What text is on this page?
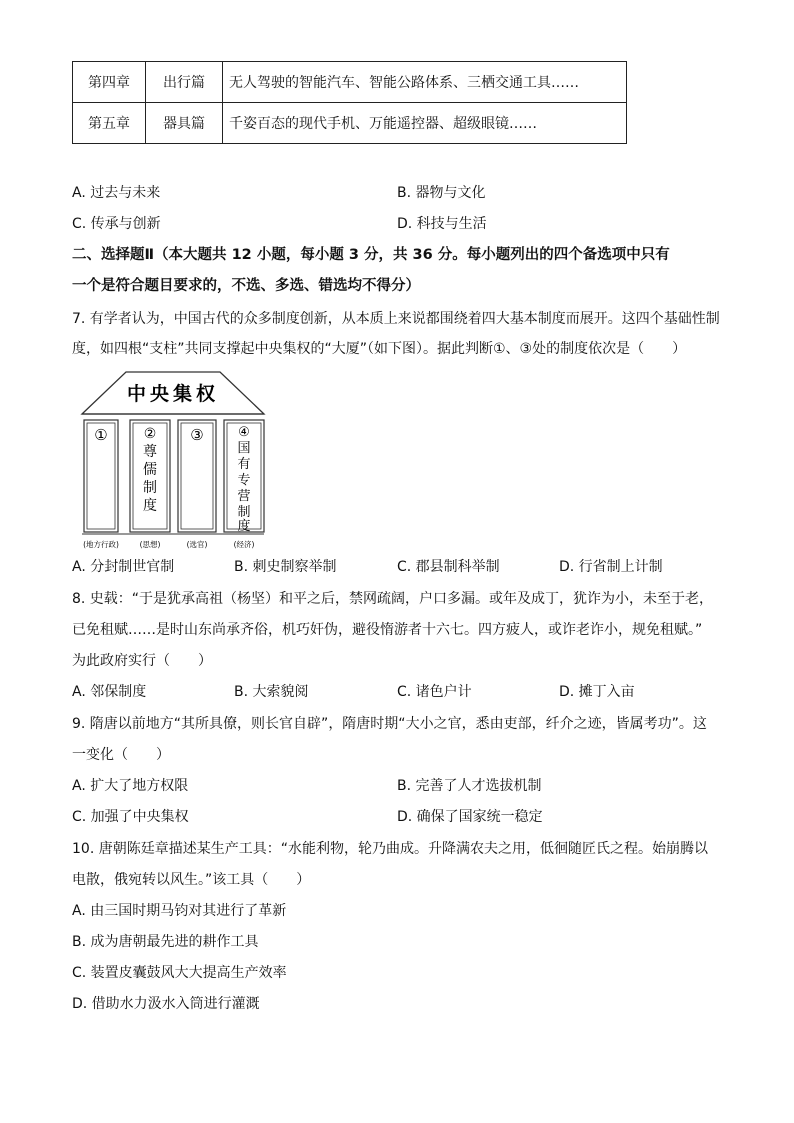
第四章	出行篇	无人驾驶的智能汽车、智能公路体系、三栖交通工具……
第五章	器具篇	千姿百态的现代手机、万能遥控器、超级眼镜……
A. 过去与未来	B. 器物与文化
C. 传承与创新	D. 科技与生活
二、选择题Ⅱ（本大题共 12 小题，每小题 3 分，共 36 分。每小题列出的四个备选项中只有
一个是符合题目要求的，不选、多选、错选均不得分）
7. 有学者认为，中国古代的众多制度创新，从本质上来说都围绕着四大基本制度而展开。这四个基础性制
度，如四根“支柱”共同支撑起中央集权的“大厦”（如下图）。据此判断①、③处的制度依次是（　　）
中央集权
①	②
尊
儒
制
度
③	④
国
有
专
营
制
度
(地方行政)	(思想)	(选官)	(经济)
A. 分封制世官制	B. 刺史制察举制	C. 郡县制科举制	D. 行省制上计制
8. 史载：“于是犹承高祖（杨坚）和平之后，禁网疏阔，户口多漏。或年及成丁，犹诈为小，未至于老，
已免租赋……是时山东尚承齐俗，机巧奸伪，避役惰游者十六七。四方疲人，或诈老诈小，规免租赋。”
为此政府实行（　　）
A. 邻保制度	B. 大索貌阅	C. 诸色户计	D. 摊丁入亩
9. 隋唐以前地方“其所具僚，则长官自辟”，隋唐时期“大小之官，悉由吏部，纤介之迹，皆属考功”。这
一变化（　　）
A. 扩大了地方权限	B. 完善了人才选拔机制
C. 加强了中央集权	D. 确保了国家统一稳定
10. 唐朝陈廷章描述某生产工具：“水能利物，轮乃曲成。升降满农夫之用，低徊随匠氏之程。始崩腾以
电散，俄宛转以风生。”该工具（　　）
A. 由三国时期马钧对其进行了革新
B. 成为唐朝最先进的耕作工具
C. 装置皮囊鼓风大大提高生产效率
D. 借助水力汲水入筒进行灌溉
